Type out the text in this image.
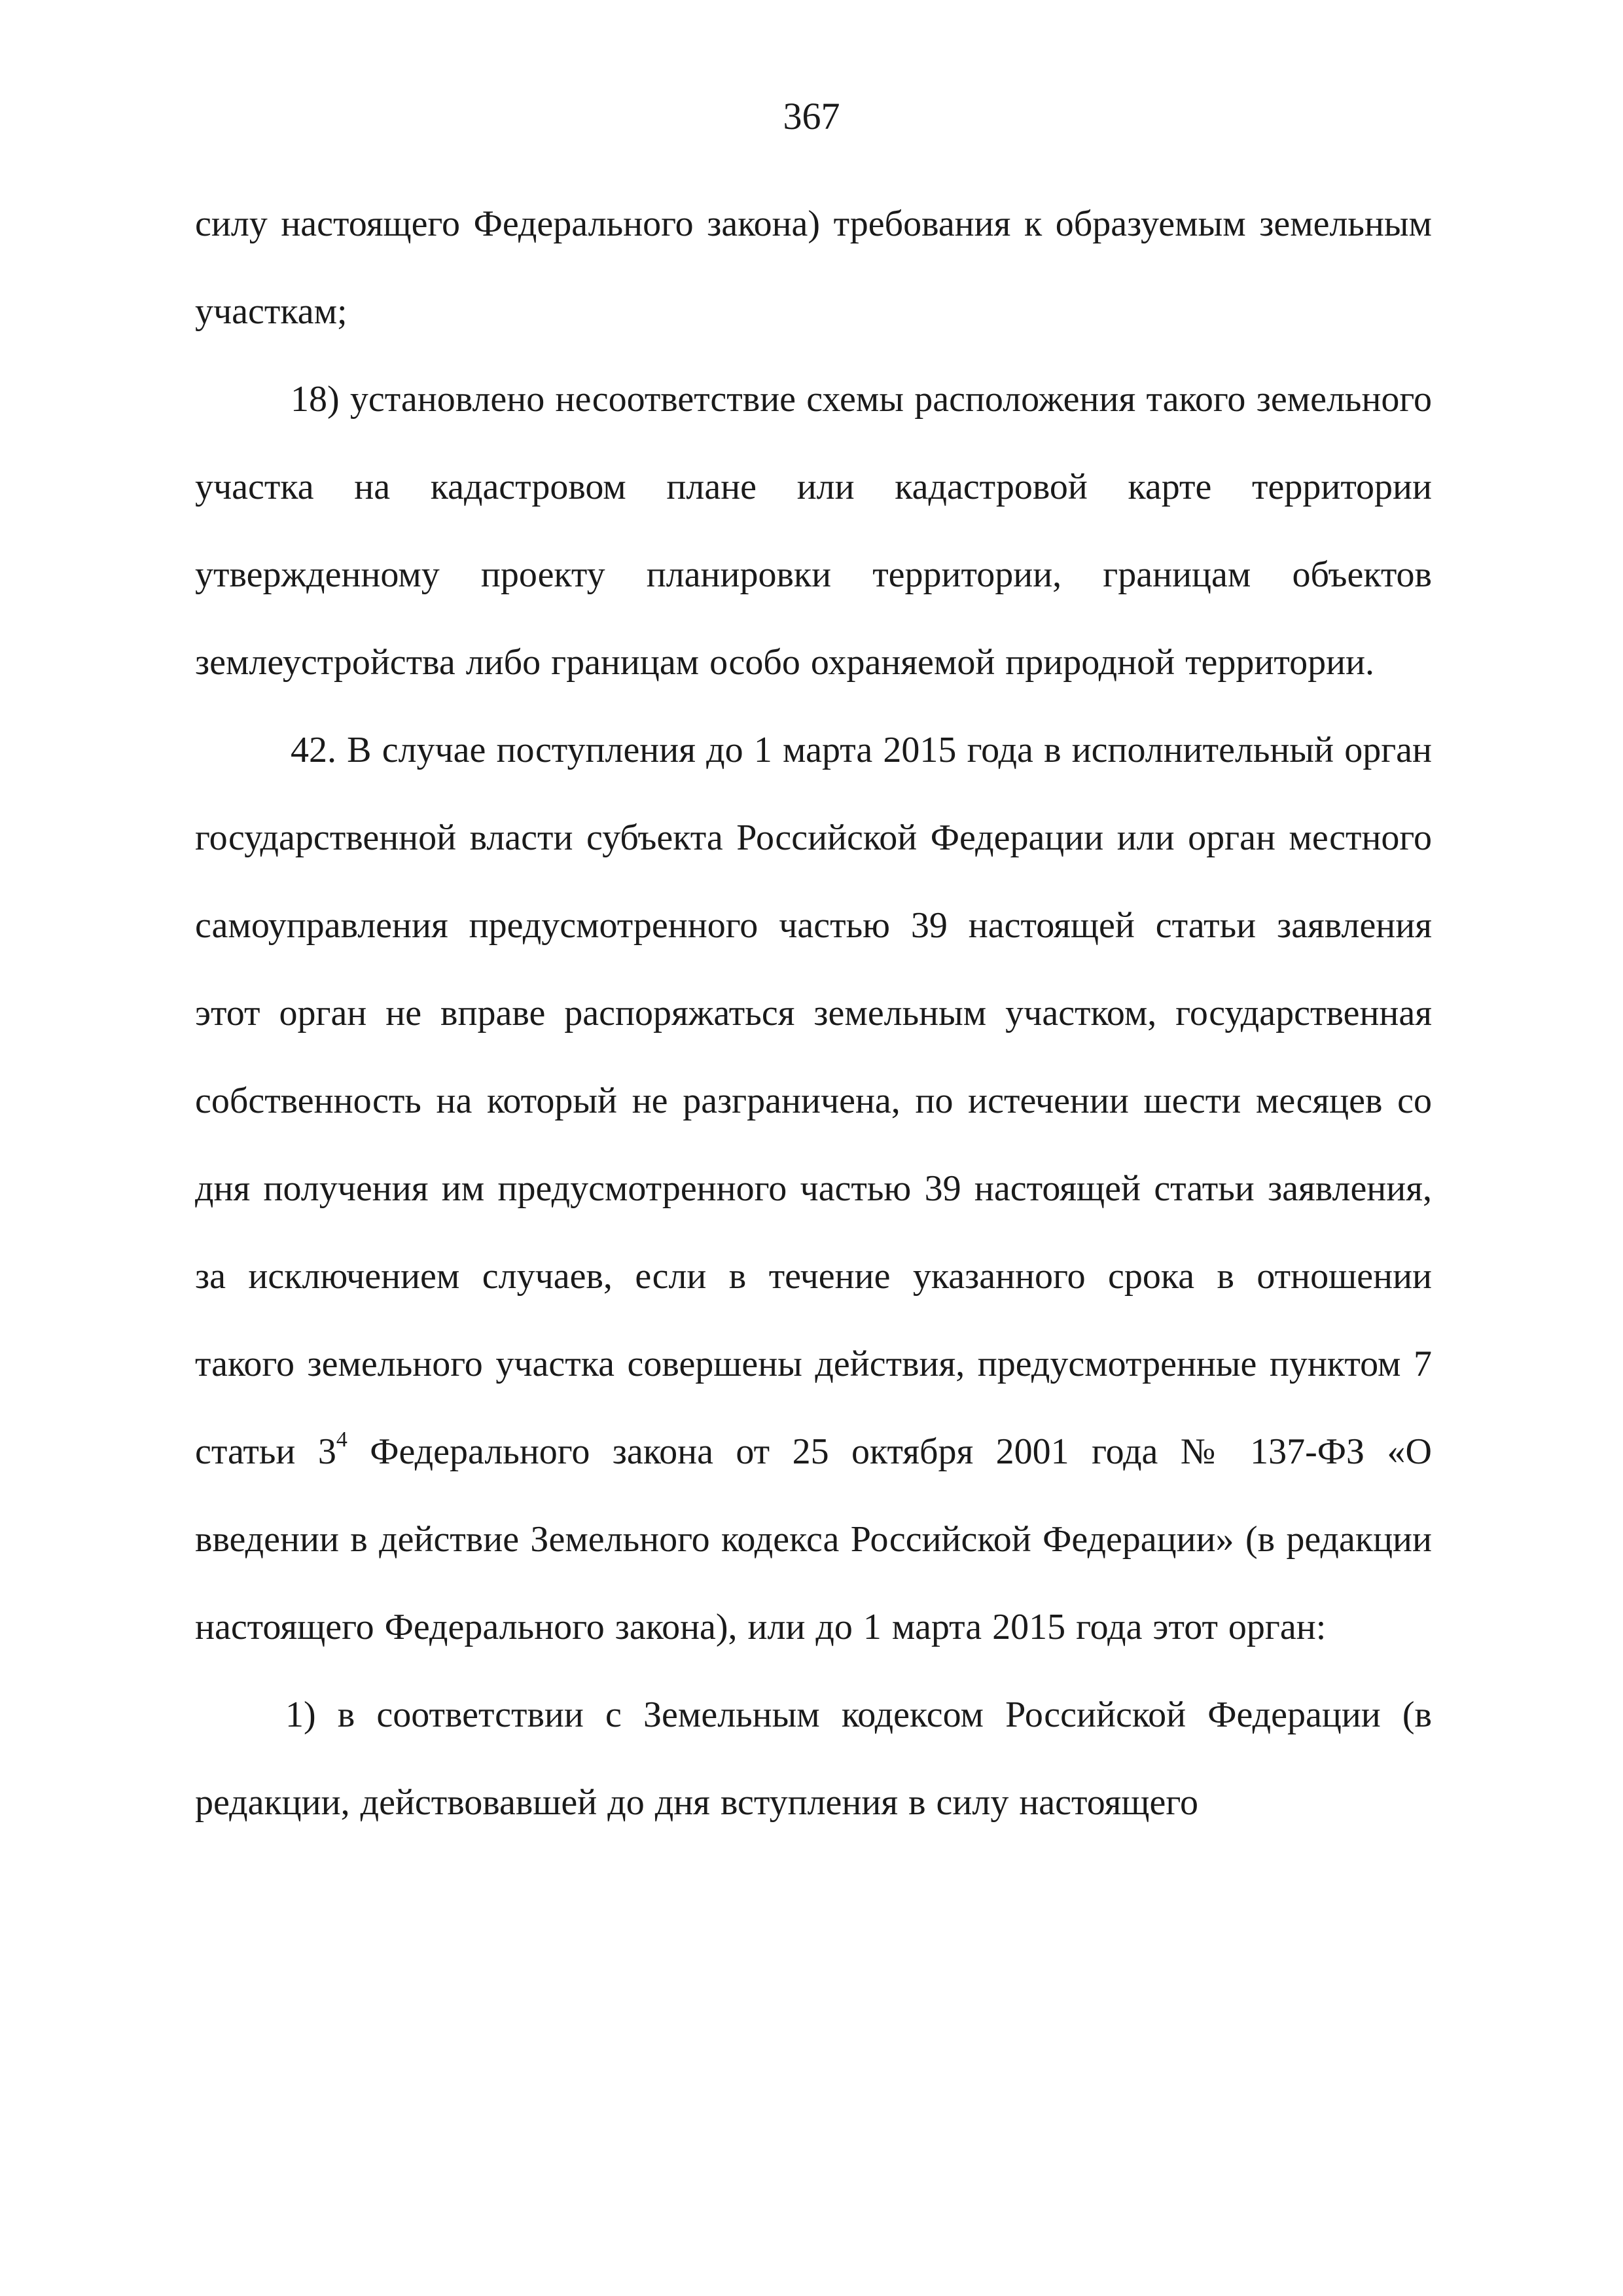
367

силу настоящего Федерального закона) требования к образуемым земельным участкам;

18) установлено несоответствие схемы расположения такого земельного участка на кадастровом плане или кадастровой карте территории утвержденному проекту планировки территории, границам объектов землеустройства либо границам особо охраняемой природной территории.

42. В случае поступления до 1 марта 2015 года в исполнительный орган государственной власти субъекта Российской Федерации или орган местного самоуправления предусмотренного частью 39 настоящей статьи заявления этот орган не вправе распоряжаться земельным участком, государственная собственность на который не разграничена, по истечении шести месяцев со дня получения им предусмотренного частью 39 настоящей статьи заявления, за исключением случаев, если в течение указанного срока в отношении такого земельного участка совершены действия, предусмотренные пунктом 7 статьи $3^4$ Федерального закона от 25 октября 2001 года № 137-ФЗ «О введении в действие Земельного кодекса Российской Федерации» (в редакции настоящего Федерального закона), или до 1 марта 2015 года этот орган:

1) в соответствии с Земельным кодексом Российской Федерации (в редакции, действовавшей до дня вступления в силу настоящего
